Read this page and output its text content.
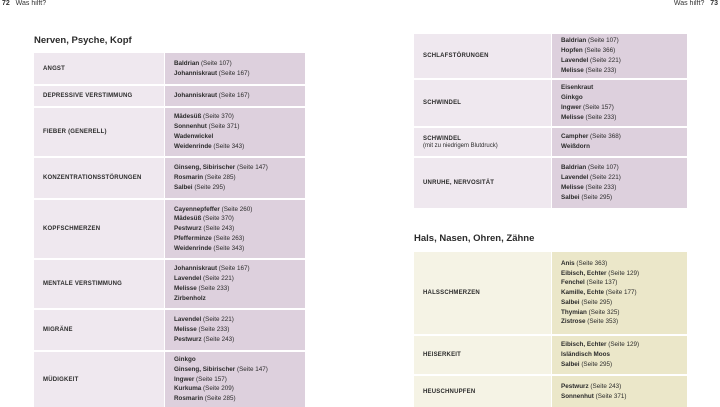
72 Was hilft?	Was hilft? 73
Nerven, Psyche, Kopf
Hals, Nasen, Ohren, Zähne
ANGST
Baldrian (Seite 107)
Johanniskraut (Seite 167)
DEPRESSIVE VERSTIMMUNG	Johanniskraut (Seite 167)
FIEBER (GENERELL)
Mädesüß (Seite 370)
Sonnenhut (Seite 371)
Wadenwickel
Weidenrinde (Seite 343)
KONZENTRATIONSSTÖRUNGEN
Ginseng, Sibirischer (Seite 147)
Rosmarin (Seite 285)
Salbei (Seite 295)
KOPFSCHMERZEN
Cayennepfeffer (Seite 260)
Mädesüß (Seite 370)
Pestwurz (Seite 243)
Pfefferminze (Seite 263)
Weidenrinde (Seite 343)
MENTALE VERSTIMMUNG
Johanniskraut (Seite 167)
Lavendel (Seite 221)
Melisse (Seite 233)
Zirbenholz
MIGRÄNE
Lavendel (Seite 221)
Melisse (Seite 233)
Pestwurz (Seite 243)
MÜDIGKEIT
Ginkgo
Ginseng, Sibirischer (Seite 147)
Ingwer (Seite 157)
Kurkuma (Seite 209)
Rosmarin (Seite 285)
SCHLAFSTÖRUNGEN
Baldrian (Seite 107)
Hopfen (Seite 366)
Lavendel (Seite 221)
Melisse (Seite 233)
SCHWINDEL
Eisenkraut
Ginkgo
Ingwer (Seite 157)
Melisse (Seite 233)
SCHWINDEL
(mit zu niedrigem Blutdruck)
Campher (Seite 368)
Weißdorn
UNRUHE, NERVOSITÄT
Baldrian (Seite 107)
Lavendel (Seite 221)
Melisse (Seite 233)
Salbei (Seite 295)
HALSSCHMERZEN
Anis (Seite 363)
Eibisch, Echter (Seite 129)
Fenchel (Seite 137)
Kamille, Echte (Seite 177)
Salbei (Seite 295)
Thymian (Seite 325)
Zistrose (Seite 353)
HEISERKEIT
Eibisch, Echter (Seite 129)
Isländisch Moos
Salbei (Seite 295)
HEUSCHNUPFEN
Pestwurz (Seite 243)
Sonnenhut (Seite 371)
